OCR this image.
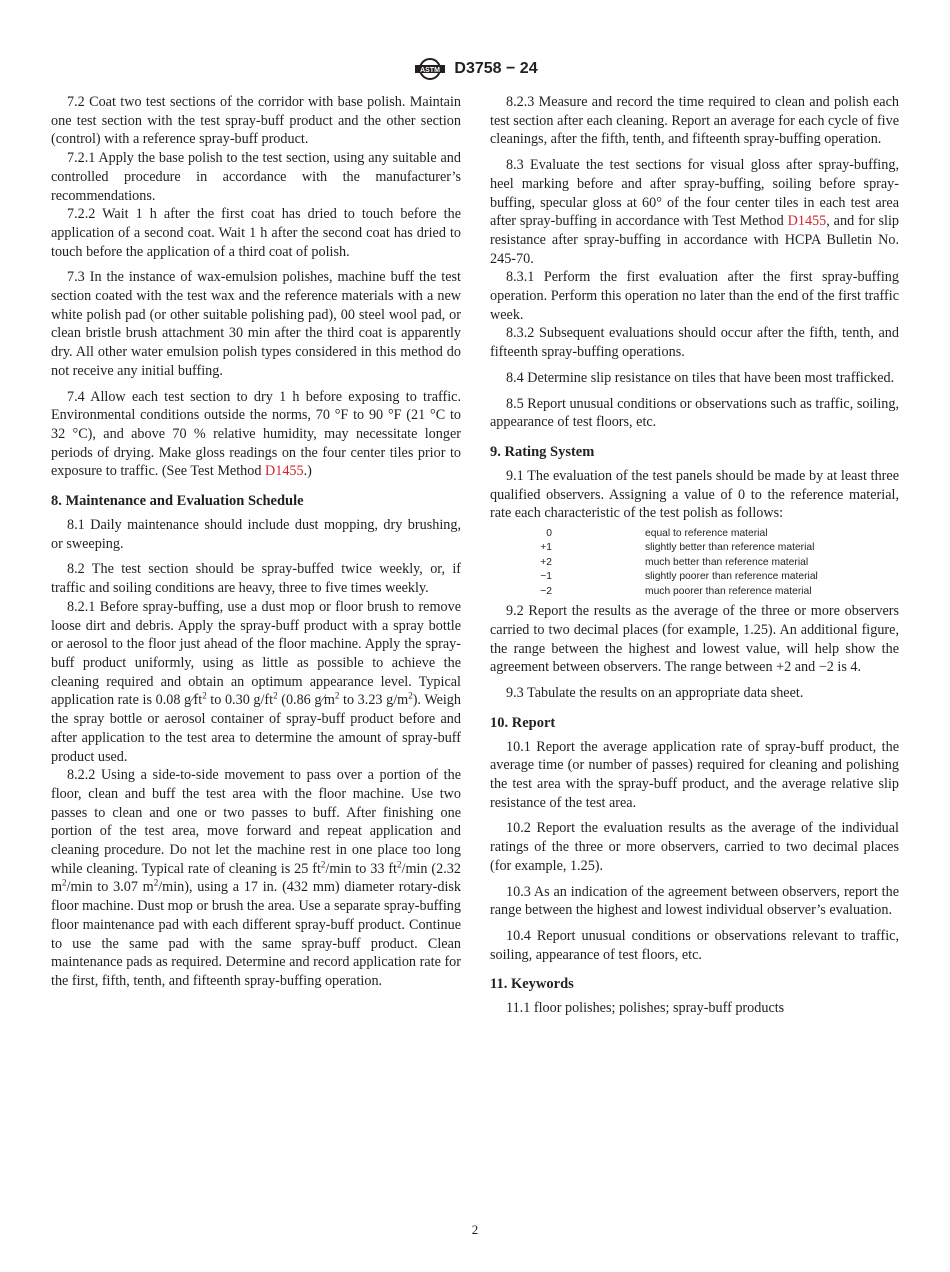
ASTM D3758 − 24

7.2 Coat two test sections of the corridor with base polish. Maintain one test section with the test spray-buff product and the other section (control) with a reference spray-buff product.

7.2.1 Apply the base polish to the test section, using any suitable and controlled procedure in accordance with the manufacturer’s recommendations.

7.2.2 Wait 1 h after the first coat has dried to touch before the application of a second coat. Wait 1 h after the second coat has dried to touch before the application of a third coat of polish.

7.3 In the instance of wax-emulsion polishes, machine buff the test section coated with the test wax and the reference materials with a new white polish pad (or other suitable polishing pad), 00 steel wool pad, or clean bristle brush attachment 30 min after the third coat is apparently dry. All other water emulsion polish types considered in this method do not receive any initial buffing.

7.4 Allow each test section to dry 1 h before exposing to traffic. Environmental conditions outside the norms, 70 °F to 90 °F (21 °C to 32 °C), and above 70 % relative humidity, may necessitate longer periods of drying. Make gloss readings on the four center tiles prior to exposure to traffic. (See Test Method D1455.)

8. Maintenance and Evaluation Schedule

8.1 Daily maintenance should include dust mopping, dry brushing, or sweeping.

8.2 The test section should be spray-buffed twice weekly, or, if traffic and soiling conditions are heavy, three to five times weekly.

8.2.1 Before spray-buffing, use a dust mop or floor brush to remove loose dirt and debris. Apply the spray-buff product with a spray bottle or aerosol to the floor just ahead of the floor machine. Apply the spray-buff product uniformly, using as little as possible to achieve the cleaning required and obtain an optimum appearance level. Typical application rate is 0.08 $g⁄ft^2$ to 0.30 $g/ft^2$ (0.86 $g⁄m^2$ to 3.23 $g/m^2$). Weigh the spray bottle or aerosol container of spray-buff product before and after application to the test area to determine the amount of spray-buff product used.

8.2.2 Using a side-to-side movement to pass over a portion of the floor, clean and buff the test area with the floor machine. Use two passes to clean and one or two passes to buff. After finishing one portion of the test area, move forward and repeat application and cleaning procedure. Do not let the machine rest in one place too long while cleaning. Typical rate of cleaning is 25 $ft^2/\min$ to 33 $ft^2/\min$ (2.32 $m^2/\min$ to 3.07 $m^2/\min$), using a 17 in. (432 mm) diameter rotary-disk floor machine. Dust mop or brush the area. Use a separate spray-buffing floor maintenance pad with each different spray-buff product. Continue to use the same pad with the same spray-buff product. Clean maintenance pads as required. Determine and record application rate for the first, fifth, tenth, and fifteenth spray-buffing operation.

8.2.3 Measure and record the time required to clean and polish each test section after each cleaning. Report an average for each cycle of five cleanings, after the fifth, tenth, and fifteenth spray-buffing operation.

8.3 Evaluate the test sections for visual gloss after spray-buffing, heel marking before and after spray-buffing, soiling before spray-buffing, specular gloss at 60° of the four center tiles in each test area after spray-buffing in accordance with Test Method D1455, and for slip resistance after spray-buffing in accordance with HCPA Bulletin No. 245-70.

8.3.1 Perform the first evaluation after the first spray-buffing operation. Perform this operation no later than the end of the first traffic week.

8.3.2 Subsequent evaluations should occur after the fifth, tenth, and fifteenth spray-buffing operations.

8.4 Determine slip resistance on tiles that have been most trafficked.

8.5 Report unusual conditions or observations such as traffic, soiling, appearance of test floors, etc.

9. Rating System

9.1 The evaluation of the test panels should be made by at least three qualified observers. Assigning a value of 0 to the reference material, rate each characteristic of the test polish as follows:

0	equal to reference material
+1	slightly better than reference material
+2	much better than reference material
−1	slightly poorer than reference material
−2	much poorer than reference material

9.2 Report the results as the average of the three or more observers carried to two decimal places (for example, 1.25). An additional figure, the range between the highest and lowest value, will help show the agreement between observers. The range between +2 and −2 is 4.

9.3 Tabulate the results on an appropriate data sheet.

10. Report

10.1 Report the average application rate of spray-buff product, the average time (or number of passes) required for cleaning and polishing the test area with the spray-buff product, and the average relative slip resistance of the test area.

10.2 Report the evaluation results as the average of the individual ratings of the three or more observers, carried to two decimal places (for example, 1.25).

10.3 As an indication of the agreement between observers, report the range between the highest and lowest individual observer’s evaluation.

10.4 Report unusual conditions or observations relevant to traffic, soiling, appearance of test floors, etc.

11. Keywords

11.1 floor polishes; polishes; spray-buff products

2
